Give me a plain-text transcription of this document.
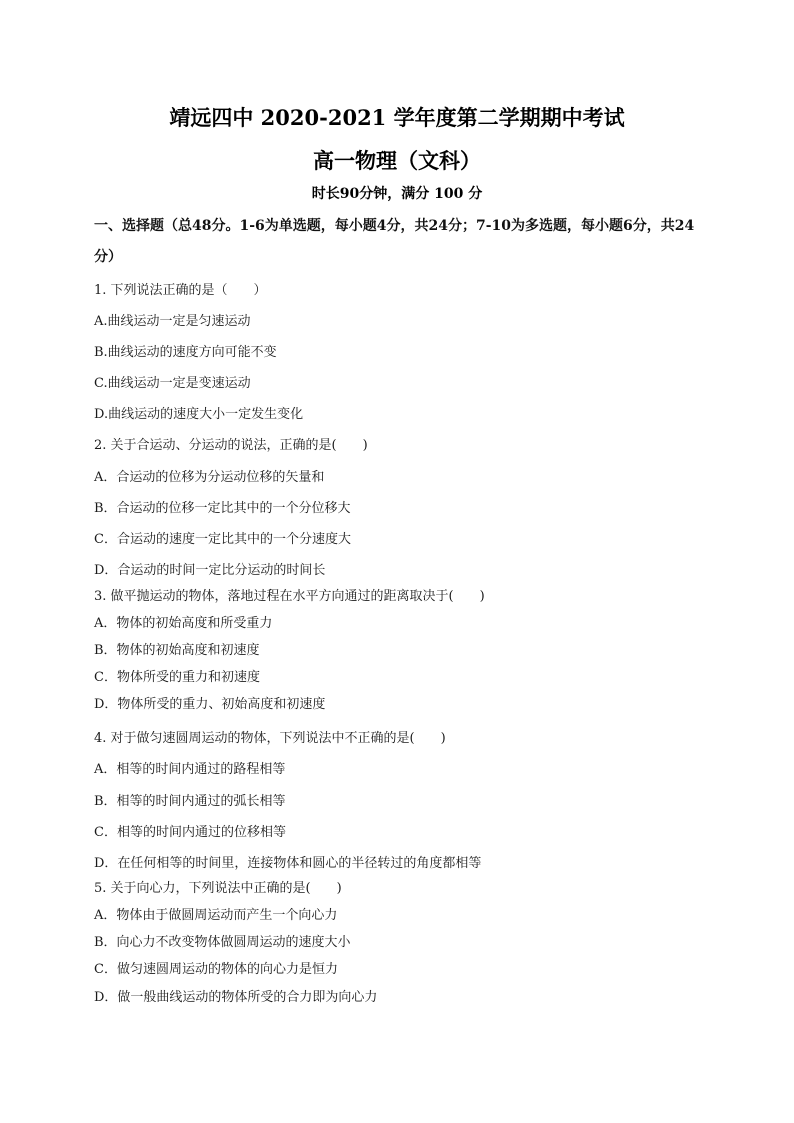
靖远四中 2020-2021 学年度第二学期期中考试
高一物理（文科）
时长90分钟，满分 100 分
一、选择题（总48分。1-6为单选题，每小题4分，共24分；7-10为多选题，每小题6分，共24分）
1. 下列说法正确的是（　　）
A.曲线运动一定是匀速运动
B.曲线运动的速度方向可能不变
C.曲线运动一定是变速运动
D.曲线运动的速度大小一定发生变化
2. 关于合运动、分运动的说法，正确的是(　　)
A．合运动的位移为分运动位移的矢量和
B．合运动的位移一定比其中的一个分位移大
C．合运动的速度一定比其中的一个分速度大
D．合运动的时间一定比分运动的时间长
3. 做平抛运动的物体，落地过程在水平方向通过的距离取决于(　　)
A．物体的初始高度和所受重力
B．物体的初始高度和初速度
C．物体所受的重力和初速度
D．物体所受的重力、初始高度和初速度
4. 对于做匀速圆周运动的物体，下列说法中不正确的是(　　)
A．相等的时间内通过的路程相等
B．相等的时间内通过的弧长相等
C．相等的时间内通过的位移相等
D．在任何相等的时间里，连接物体和圆心的半径转过的角度都相等
5. 关于向心力，下列说法中正确的是(　　)
A．物体由于做圆周运动而产生一个向心力
B．向心力不改变物体做圆周运动的速度大小
C．做匀速圆周运动的物体的向心力是恒力
D．做一般曲线运动的物体所受的合力即为向心力
